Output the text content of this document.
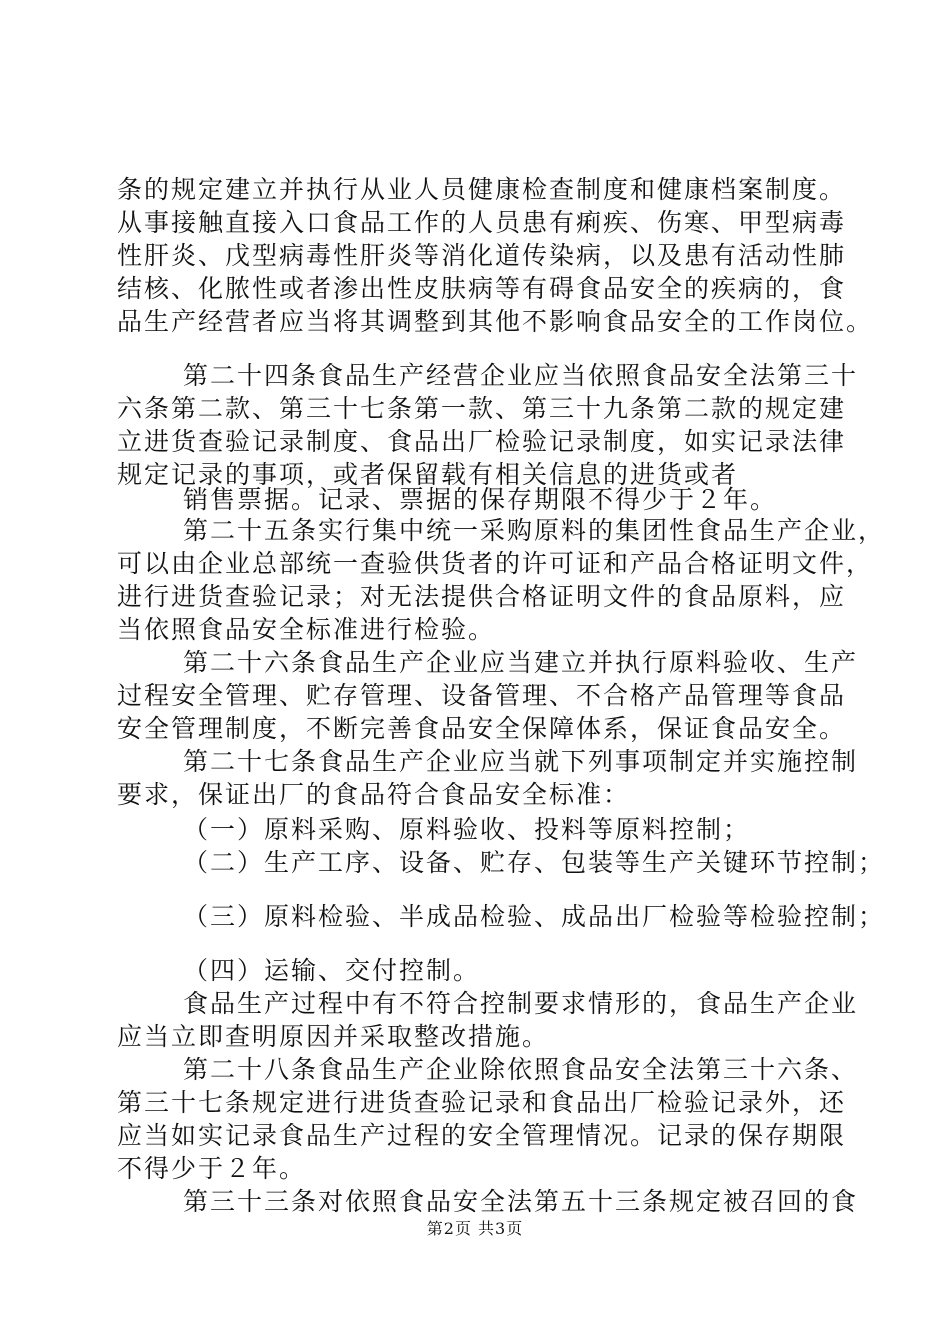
条的规定建立并执行从业人员健康检查制度和健康档案制度。
从事接触直接入口食品工作的人员患有痢疾、伤寒、甲型病毒
性肝炎、戊型病毒性肝炎等消化道传染病，以及患有活动性肺
结核、化脓性或者渗出性皮肤病等有碍食品安全的疾病的，食
品生产经营者应当将其调整到其他不影响食品安全的工作岗位。
第二十四条食品生产经营企业应当依照食品安全法第三十
六条第二款、第三十七条第一款、第三十九条第二款的规定建
立进货查验记录制度、食品出厂检验记录制度，如实记录法律
规定记录的事项，或者保留载有相关信息的进货或者
销售票据。记录、票据的保存期限不得少于２年。
第二十五条实行集中统一采购原料的集团性食品生产企业，
可以由企业总部统一查验供货者的许可证和产品合格证明文件，
进行进货查验记录；对无法提供合格证明文件的食品原料，应
当依照食品安全标准进行检验。
第二十六条食品生产企业应当建立并执行原料验收、生产
过程安全管理、贮存管理、设备管理、不合格产品管理等食品
安全管理制度，不断完善食品安全保障体系，保证食品安全。
第二十七条食品生产企业应当就下列事项制定并实施控制
要求，保证出厂的食品符合食品安全标准：
（一）原料采购、原料验收、投料等原料控制；
（二）生产工序、设备、贮存、包装等生产关键环节控制；
（三）原料检验、半成品检验、成品出厂检验等检验控制；
（四）运输、交付控制。
食品生产过程中有不符合控制要求情形的，食品生产企业
应当立即查明原因并采取整改措施。
第二十八条食品生产企业除依照食品安全法第三十六条、
第三十七条规定进行进货查验记录和食品出厂检验记录外，还
应当如实记录食品生产过程的安全管理情况。记录的保存期限
不得少于２年。
第三十三条对依照食品安全法第五十三条规定被召回的食
第2页 共3页
